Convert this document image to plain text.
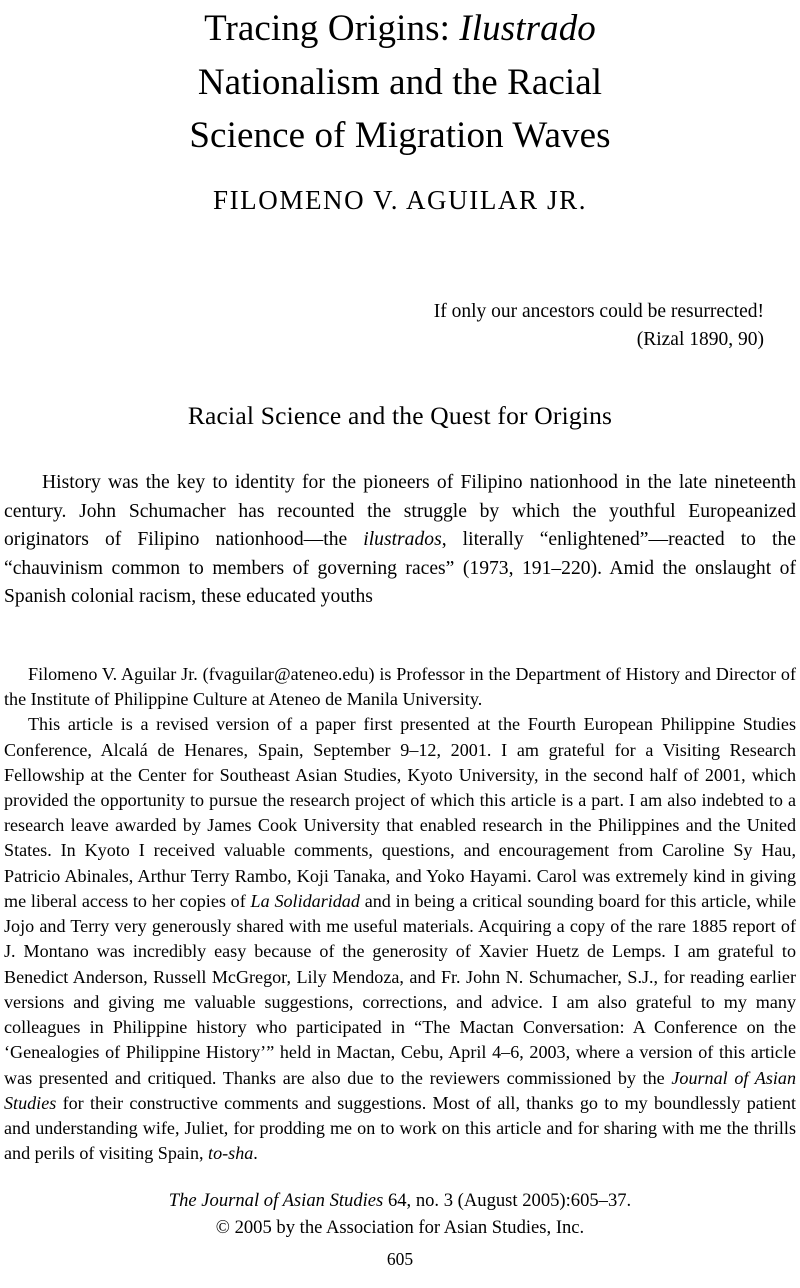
Tracing Origins: Ilustrado
Nationalism and the Racial
Science of Migration Waves
FILOMENO V. AGUILAR JR.
If only our ancestors could be resurrected!
(Rizal 1890, 90)
Racial Science and the Quest for Origins

History was the key to identity for the pioneers of Filipino nationhood in the late nineteenth century. John Schumacher has recounted the struggle by which the youthful Europeanized originators of Filipino nationhood—the ilustrados, literally “enlightened”—reacted to the “chauvinism common to members of governing races” (1973, 191–220). Amid the onslaught of Spanish colonial racism, these educated youths

Filomeno V. Aguilar Jr. (fvaguilar@ateneo.edu) is Professor in the Department of History and Director of the Institute of Philippine Culture at Ateneo de Manila University.

This article is a revised version of a paper first presented at the Fourth European Philippine Studies Conference, Alcalá de Henares, Spain, September 9–12, 2001. I am grateful for a Visiting Research Fellowship at the Center for Southeast Asian Studies, Kyoto University, in the second half of 2001, which provided the opportunity to pursue the research project of which this article is a part. I am also indebted to a research leave awarded by James Cook University that enabled research in the Philippines and the United States. In Kyoto I received valuable comments, questions, and encouragement from Caroline Sy Hau, Patricio Abinales, Arthur Terry Rambo, Koji Tanaka, and Yoko Hayami. Carol was extremely kind in giving me liberal access to her copies of La Solidaridad and in being a critical sounding board for this article, while Jojo and Terry very generously shared with me useful materials. Acquiring a copy of the rare 1885 report of J. Montano was incredibly easy because of the generosity of Xavier Huetz de Lemps. I am grateful to Benedict Anderson, Russell McGregor, Lily Mendoza, and Fr. John N. Schumacher, S.J., for reading earlier versions and giving me valuable suggestions, corrections, and advice. I am also grateful to my many colleagues in Philippine history who participated in “The Mactan Conversation: A Conference on the ‘Genealogies of Philippine History’” held in Mactan, Cebu, April 4–6, 2003, where a version of this article was presented and critiqued. Thanks are also due to the reviewers commissioned by the Journal of Asian Studies for their constructive comments and suggestions. Most of all, thanks go to my boundlessly patient and understanding wife, Juliet, for prodding me on to work on this article and for sharing with me the thrills and perils of visiting Spain, to-sha.

The Journal of Asian Studies 64, no. 3 (August 2005):605–37.
© 2005 by the Association for Asian Studies, Inc.
605
